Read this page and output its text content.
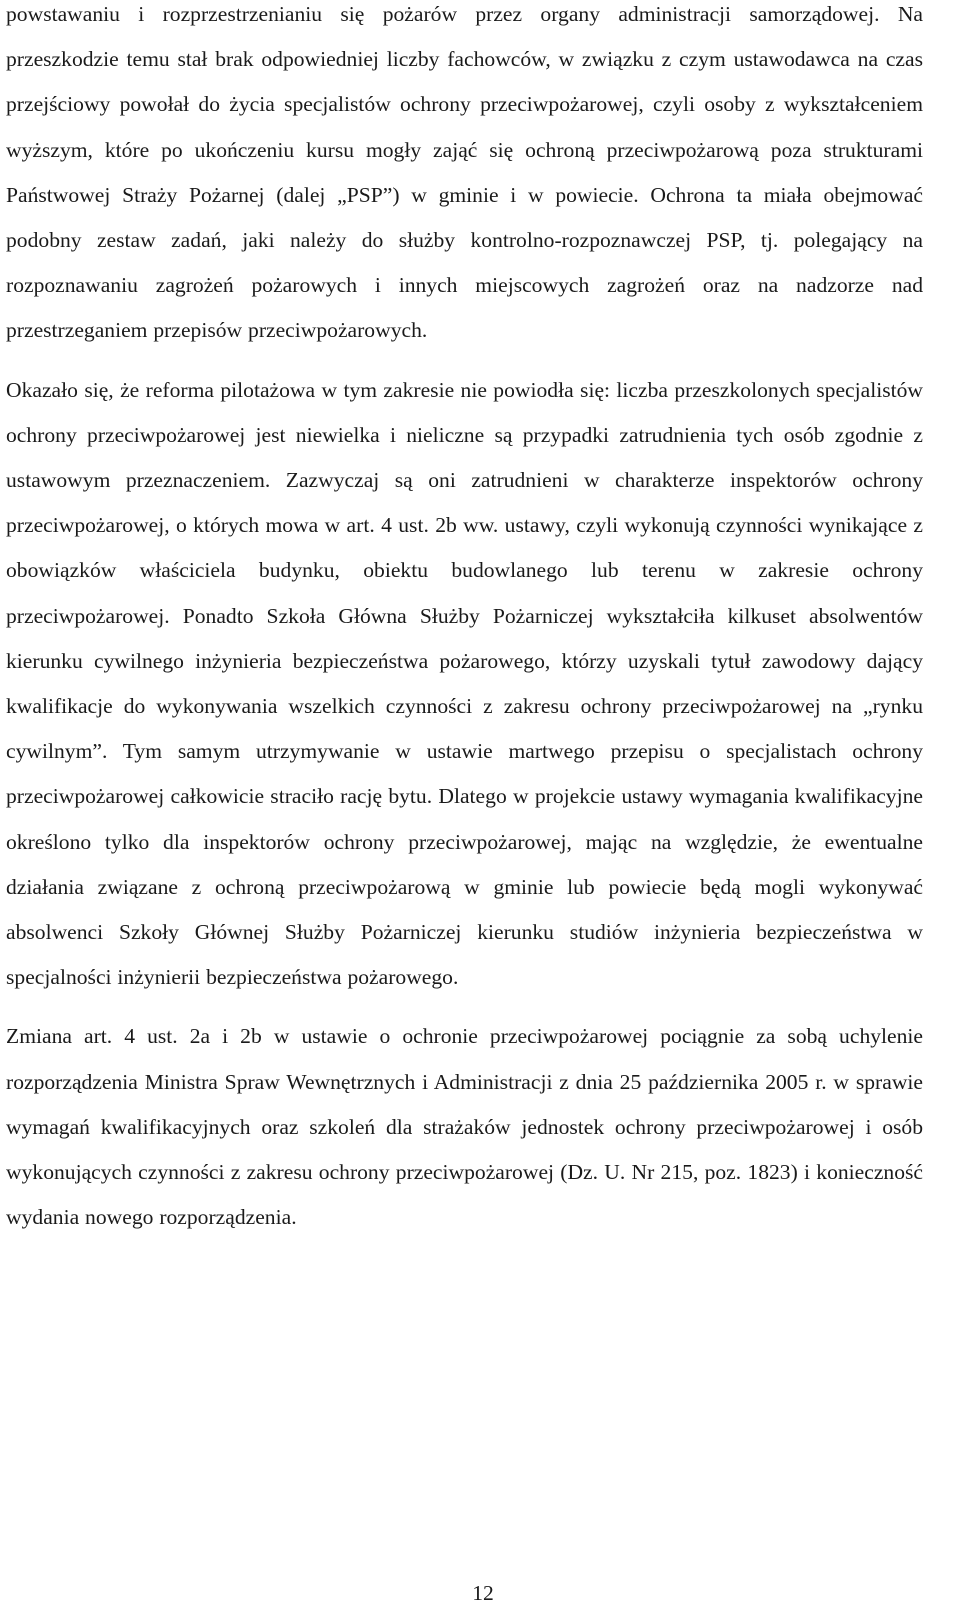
powstawaniu i rozprzestrzenianiu się pożarów przez organy administracji samorządowej. Na przeszkodzie temu stał brak odpowiedniej liczby fachowców, w związku z czym ustawodawca na czas przejściowy powołał do życia specjalistów ochrony przeciwpożarowej, czyli osoby z wykształceniem wyższym, które po ukończeniu kursu mogły zająć się ochroną przeciwpożarową poza strukturami Państwowej Straży Pożarnej (dalej „PSP”) w gminie i w powiecie. Ochrona ta miała obejmować podobny zestaw zadań, jaki należy do służby kontrolno-rozpoznawczej PSP, tj. polegający na rozpoznawaniu zagrożeń pożarowych i innych miejscowych zagrożeń oraz na nadzorze nad przestrzeganiem przepisów przeciwpożarowych.

Okazało się, że reforma pilotażowa w tym zakresie nie powiodła się: liczba przeszkolonych specjalistów ochrony przeciwpożarowej jest niewielka i nieliczne są przypadki zatrudnienia tych osób zgodnie z ustawowym przeznaczeniem. Zazwyczaj są oni zatrudnieni w charakterze inspektorów ochrony przeciwpożarowej, o których mowa w art. 4 ust. 2b ww. ustawy, czyli wykonują czynności wynikające z obowiązków właściciela budynku, obiektu budowlanego lub terenu w zakresie ochrony przeciwpożarowej. Ponadto Szkoła Główna Służby Pożarniczej wykształciła kilkuset absolwentów kierunku cywilnego inżynieria bezpieczeństwa pożarowego, którzy uzyskali tytuł zawodowy dający kwalifikacje do wykonywania wszelkich czynności z zakresu ochrony przeciwpożarowej na „rynku cywilnym”. Tym samym utrzymywanie w ustawie martwego przepisu o specjalistach ochrony przeciwpożarowej całkowicie straciło rację bytu. Dlatego w projekcie ustawy wymagania kwalifikacyjne określono tylko dla inspektorów ochrony przeciwpożarowej, mając na względzie, że ewentualne działania związane z ochroną przeciwpożarową w gminie lub powiecie będą mogli wykonywać absolwenci Szkoły Głównej Służby Pożarniczej kierunku studiów inżynieria bezpieczeństwa w specjalności inżynierii bezpieczeństwa pożarowego.

Zmiana art. 4 ust. 2a i 2b w ustawie o ochronie przeciwpożarowej pociągnie za sobą uchylenie rozporządzenia Ministra Spraw Wewnętrznych i Administracji z dnia 25 października 2005 r. w sprawie wymagań kwalifikacyjnych oraz szkoleń dla strażaków jednostek ochrony przeciwpożarowej i osób wykonujących czynności z zakresu ochrony przeciwpożarowej (Dz. U. Nr 215, poz. 1823) i konieczność wydania nowego rozporządzenia.

12
